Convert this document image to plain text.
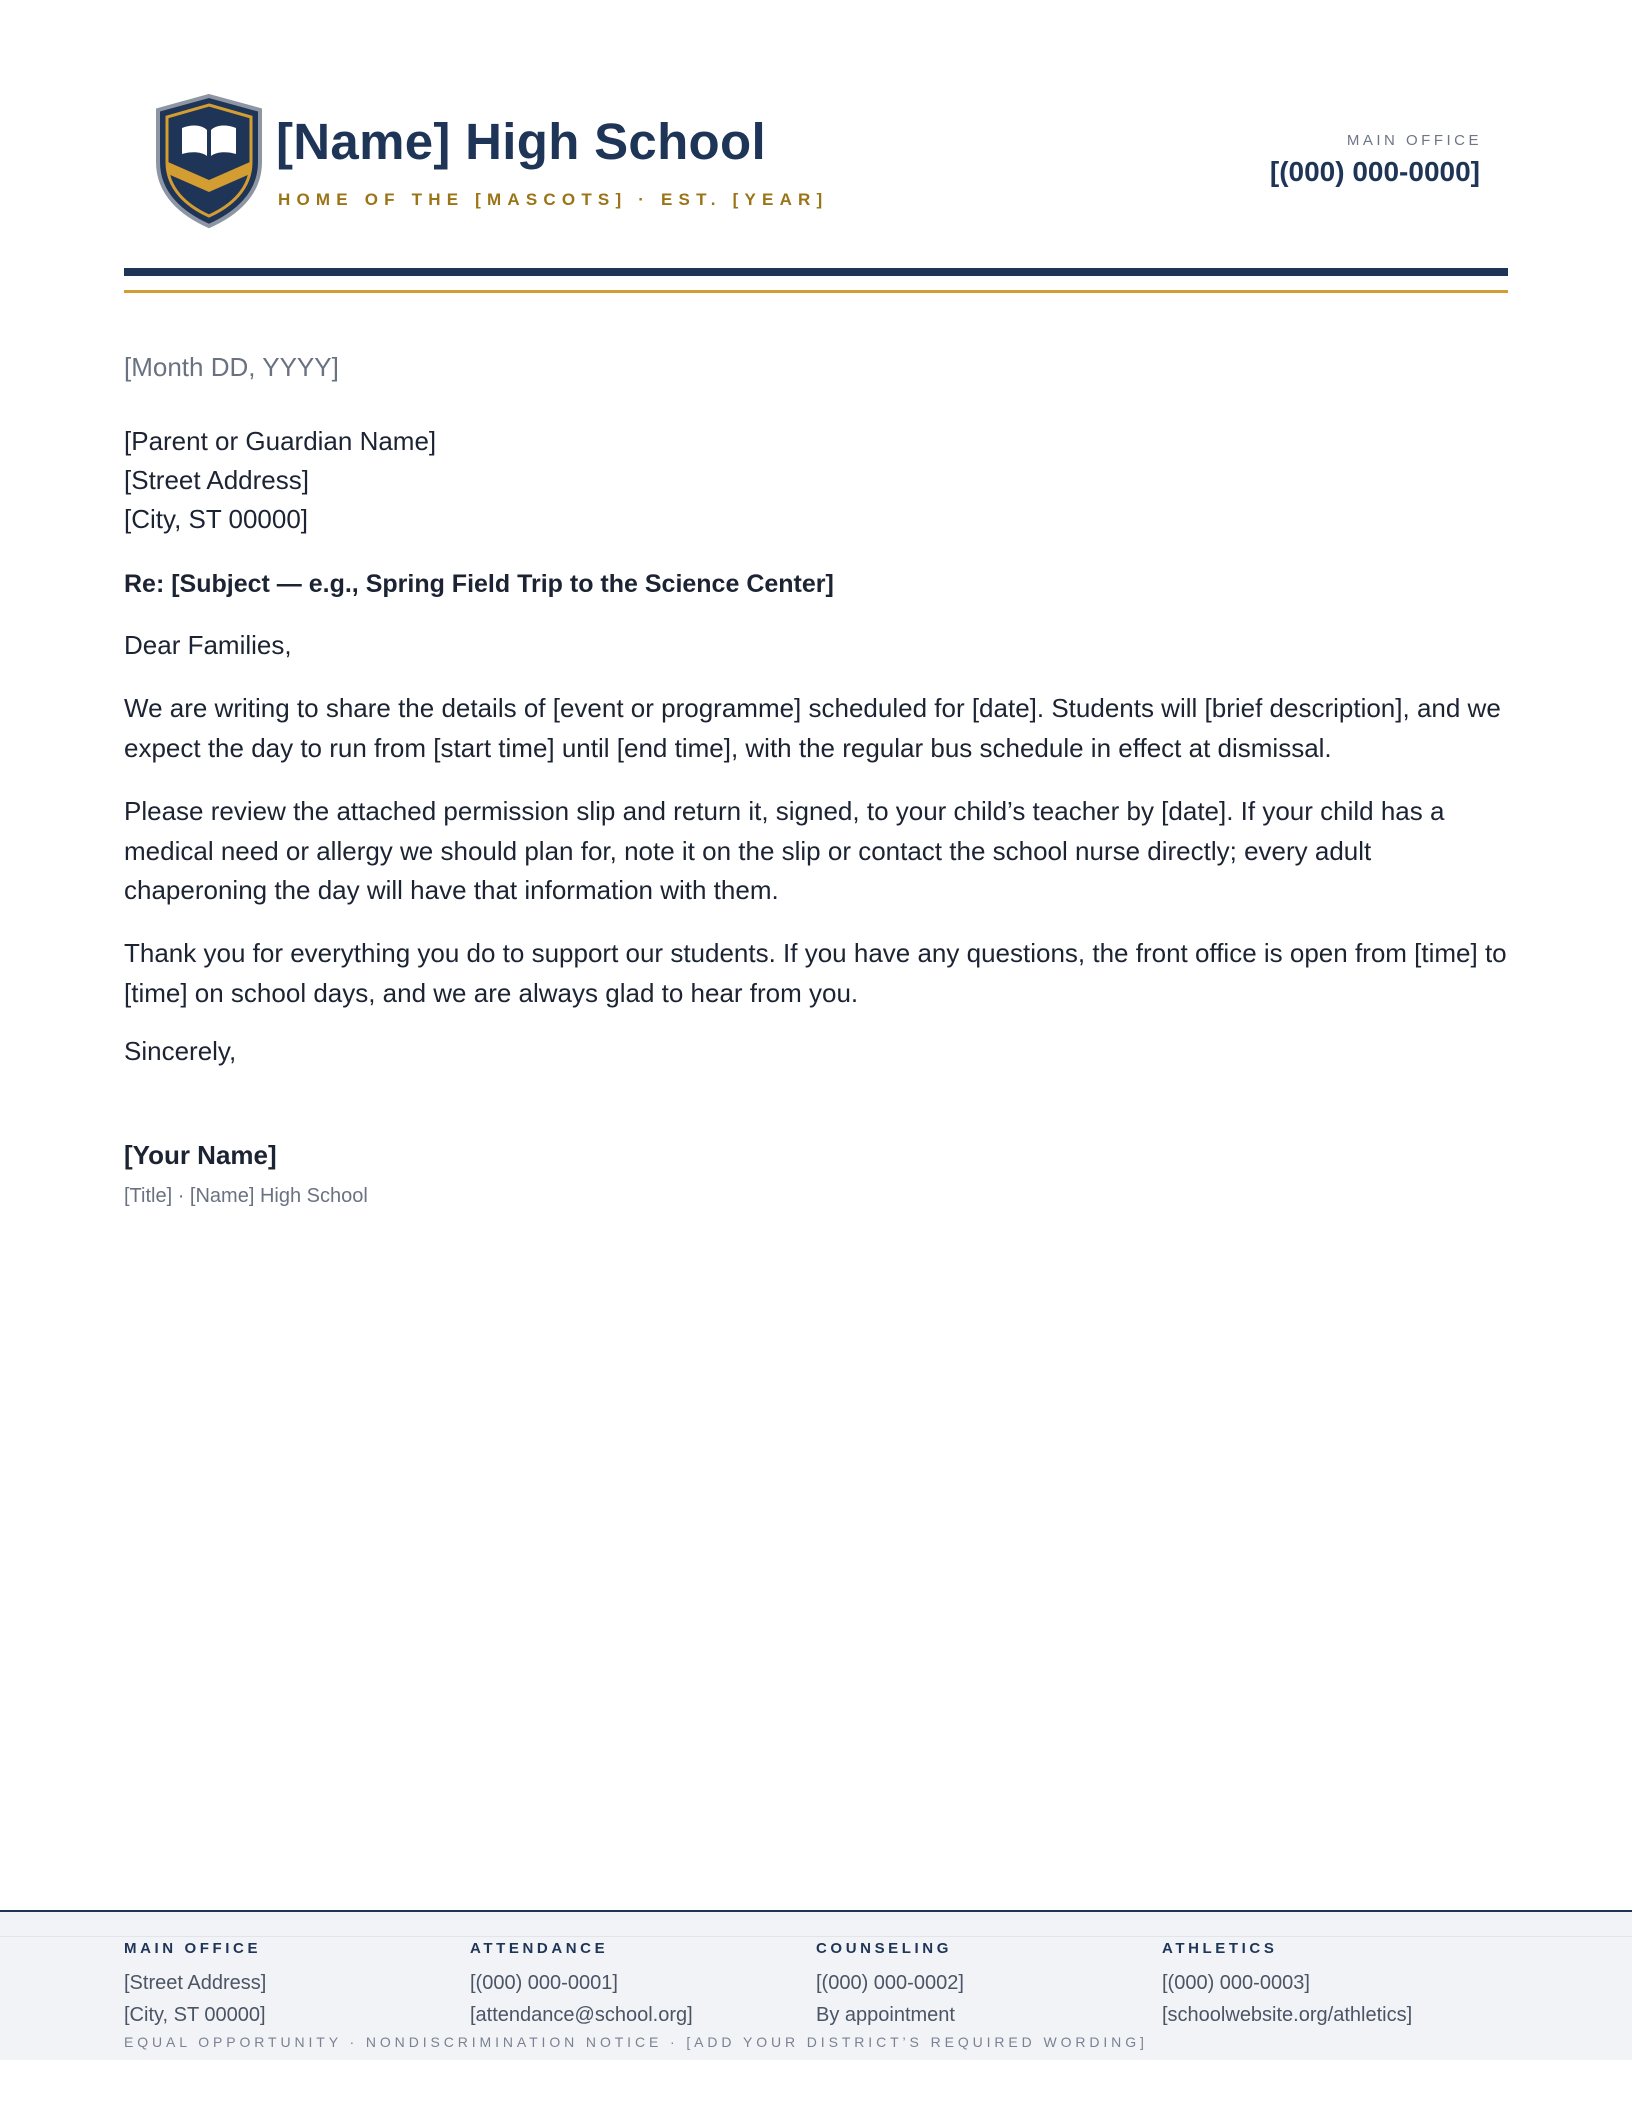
[Name] High School
HOME OF THE [MASCOTS] · EST. [YEAR]
MAIN OFFICE
[(000) 000-0000]
[Month DD, YYYY]
[Parent or Guardian Name]
[Street Address]
[City, ST 00000]
Re: [Subject — e.g., Spring Field Trip to the Science Center]
Dear Families,

We are writing to share the details of [event or programme] scheduled for [date]. Students will [brief description], and we expect the day to run from [start time] until [end time], with the regular bus schedule in effect at dismissal.

Please review the attached permission slip and return it, signed, to your child’s teacher by [date]. If your child has a medical need or allergy we should plan for, note it on the slip or contact the school nurse directly; every adult chaperoning the day will have that information with them.

Thank you for everything you do to support our students. If you have any questions, the front office is open from [time] to [time] on school days, and we are always glad to hear from you.

Sincerely,
[Your Name]
[Title] · [Name] High School
MAIN OFFICE
[Street Address]
[City, ST 00000]
ATTENDANCE
[(000) 000-0001]
[attendance@school.org]
COUNSELING
[(000) 000-0002]
By appointment
ATHLETICS
[(000) 000-0003]
[schoolwebsite.org/athletics]
EQUAL OPPORTUNITY · NONDISCRIMINATION NOTICE · [ADD YOUR DISTRICT’S REQUIRED WORDING]
